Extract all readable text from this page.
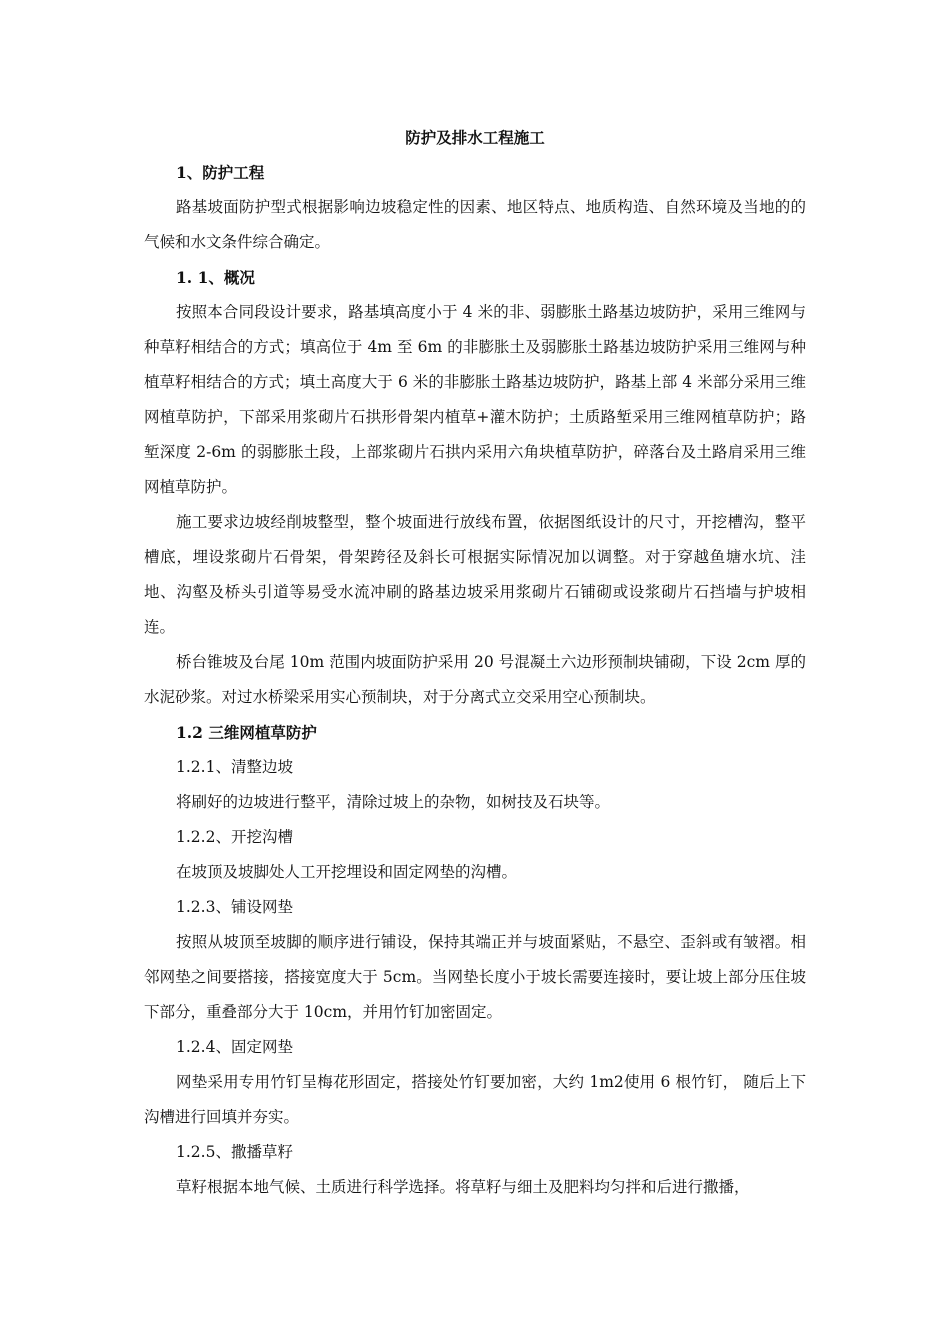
防护及排水工程施工

1、防护工程

路基坡面防护型式根据影响边坡稳定性的因素、地区特点、地质构造、自然环境及当地的的气候和水文条件综合确定。

1. 1、概况

按照本合同段设计要求，路基填高度小于 4 米的非、弱膨胀土路基边坡防护，采用三维网与种草籽相结合的方式；填高位于 4m 至 6m 的非膨胀土及弱膨胀土路基边坡防护采用三维网与种植草籽相结合的方式；填土高度大于 6 米的非膨胀土路基边坡防护，路基上部 4 米部分采用三维网植草防护，下部采用浆砌片石拱形骨架内植草+灌木防护；土质路堑采用三维网植草防护；路堑深度 2-6m 的弱膨胀土段，上部浆砌片石拱内采用六角块植草防护，碎落台及土路肩采用三维网植草防护。

施工要求边坡经削坡整型，整个坡面进行放线布置，依据图纸设计的尺寸，开挖槽沟，整平槽底，埋设浆砌片石骨架，骨架跨径及斜长可根据实际情况加以调整。对于穿越鱼塘水坑、洼地、沟壑及桥头引道等易受水流冲刷的路基边坡采用浆砌片石铺砌或设浆砌片石挡墙与护坡相连。

桥台锥坡及台尾 10m 范围内坡面防护采用 20 号混凝土六边形预制块铺砌，下设 2cm 厚的水泥砂浆。对过水桥梁采用实心预制块，对于分离式立交采用空心预制块。

1.2 三维网植草防护

1.2.1、清整边坡

将刷好的边坡进行整平，清除过坡上的杂物，如树技及石块等。

1.2.2、开挖沟槽

在坡顶及坡脚处人工开挖埋设和固定网垫的沟槽。

1.2.3、铺设网垫

按照从坡顶至坡脚的顺序进行铺设，保持其端正并与坡面紧贴，不悬空、歪斜或有皱褶。相邻网垫之间要搭接，搭接宽度大于 5cm。当网垫长度小于坡长需要连接时，要让坡上部分压住坡下部分，重叠部分大于 10cm，并用竹钉加密固定。

1.2.4、固定网垫

网垫采用专用竹钉呈梅花形固定，搭接处竹钉要加密，大约 1m2使用 6 根竹钉， 随后上下沟槽进行回填并夯实。

1.2.5、撒播草籽

草籽根据本地气候、土质进行科学选择。将草籽与细土及肥料均匀拌和后进行撒播，
